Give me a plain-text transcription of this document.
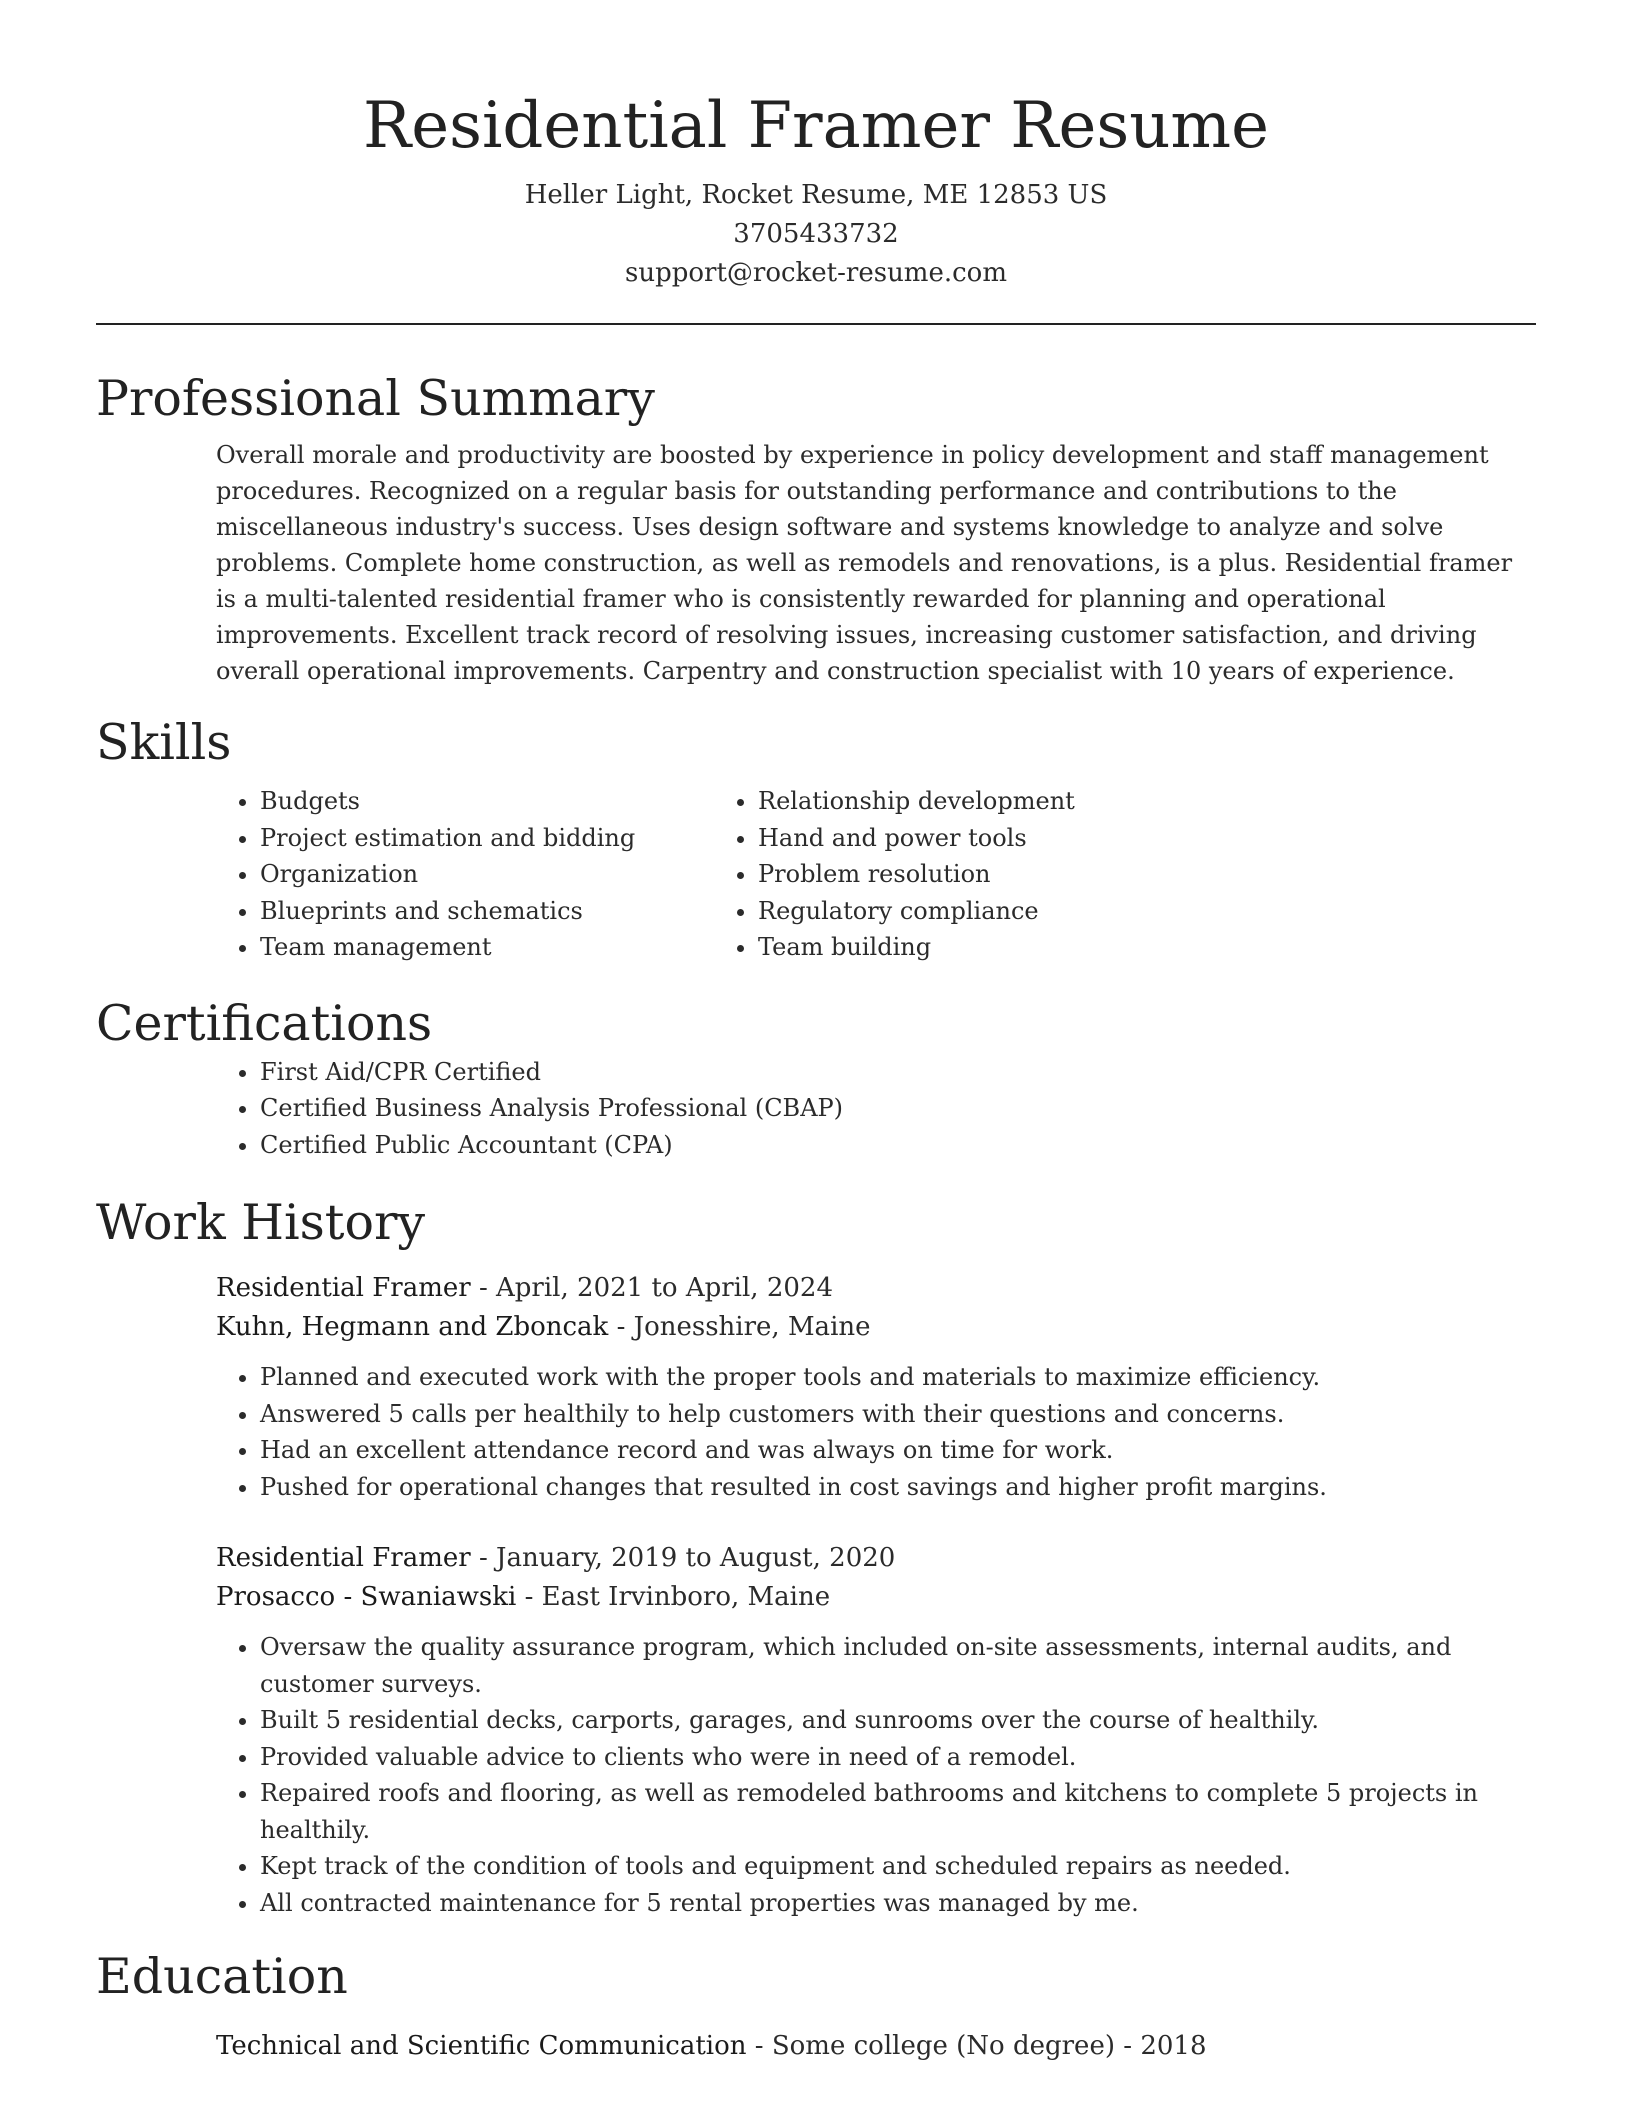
Residential Framer Resume
Heller Light, Rocket Resume, ME 12853 US
3705433732
support@rocket-resume.com
Professional Summary

Overall morale and productivity are boosted by experience in policy development and staff management procedures. Recognized on a regular basis for outstanding performance and contributions to the miscellaneous industry's success. Uses design software and systems knowledge to analyze and solve problems. Complete home construction, as well as remodels and renovations, is a plus. Residential framer is a multi-talented residential framer who is consistently rewarded for planning and operational improvements. Excellent track record of resolving issues, increasing customer satisfaction, and driving overall operational improvements. Carpentry and construction specialist with 10 years of experience.

Skills
• Budgets
• Project estimation and bidding
• Organization
• Blueprints and schematics
• Team management
• Relationship development
• Hand and power tools
• Problem resolution
• Regulatory compliance
• Team building
Certifications
• First Aid/CPR Certified
• Certified Business Analysis Professional (CBAP)
• Certified Public Accountant (CPA)
Work History
Residential Framer - April, 2021 to April, 2024
Kuhn, Hegmann and Zboncak - Jonesshire, Maine
• Planned and executed work with the proper tools and materials to maximize efficiency.
• Answered 5 calls per healthily to help customers with their questions and concerns.
• Had an excellent attendance record and was always on time for work.
• Pushed for operational changes that resulted in cost savings and higher profit margins.
Residential Framer - January, 2019 to August, 2020
Prosacco - Swaniawski - East Irvinboro, Maine
• Oversaw the quality assurance program, which included on-site assessments, internal audits, and customer surveys.
• Built 5 residential decks, carports, garages, and sunrooms over the course of healthily.
• Provided valuable advice to clients who were in need of a remodel.
• Repaired roofs and flooring, as well as remodeled bathrooms and kitchens to complete 5 projects in healthily.
• Kept track of the condition of tools and equipment and scheduled repairs as needed.
• All contracted maintenance for 5 rental properties was managed by me.
Education
Technical and Scientific Communication - Some college (No degree) - 2018
